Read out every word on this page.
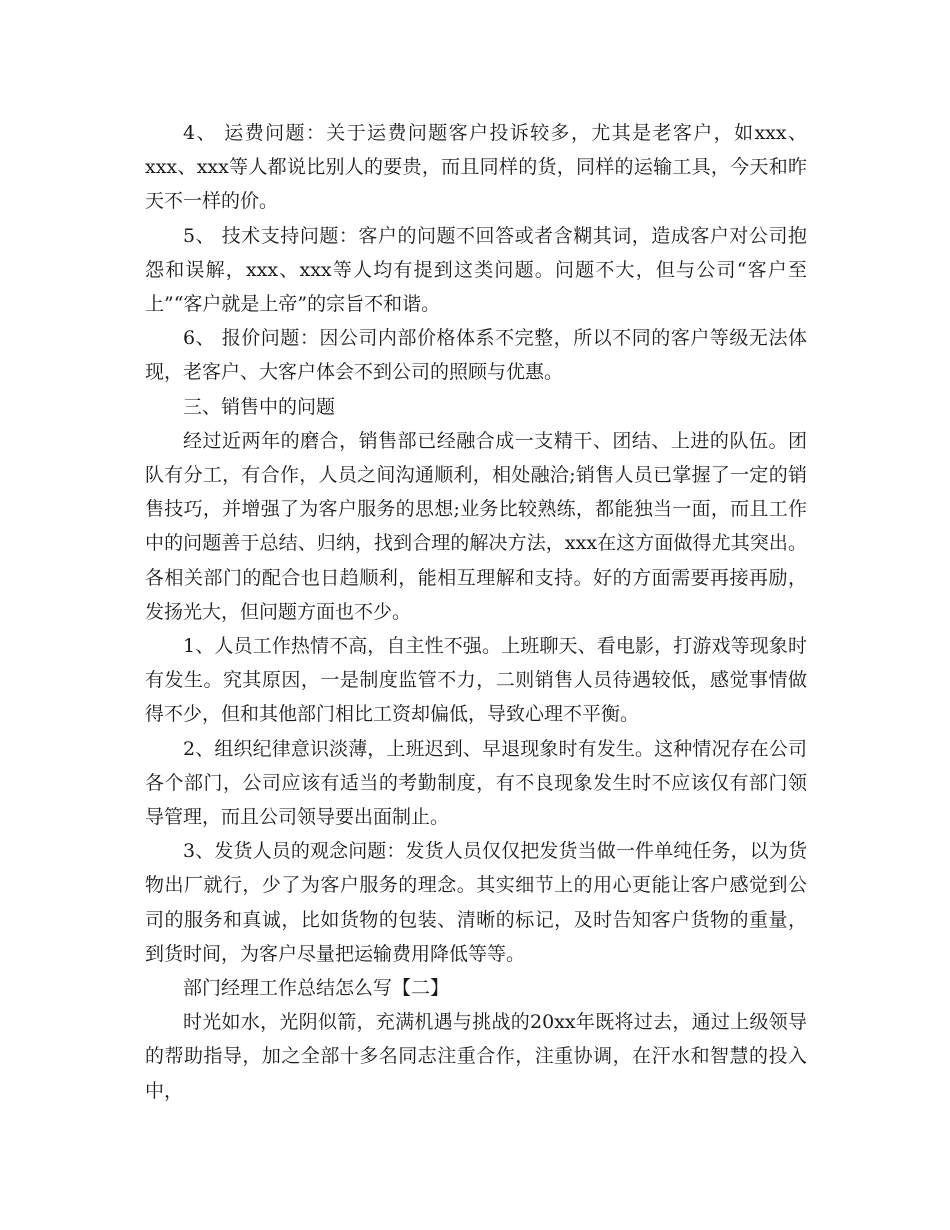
4、 运费问题：关于运费问题客户投诉较多，尤其是老客户，如xxx、xxx、xxx等人都说比别人的要贵，而且同样的货，同样的运输工具，今天和昨天不一样的价。

5、 技术支持问题：客户的问题不回答或者含糊其词，造成客户对公司抱怨和误解，xxx、xxx等人均有提到这类问题。问题不大，但与公司“客户至上”“客户就是上帝”的宗旨不和谐。

6、 报价问题：因公司内部价格体系不完整，所以不同的客户等级无法体现，老客户、大客户体会不到公司的照顾与优惠。

三、销售中的问题

经过近两年的磨合，销售部已经融合成一支精干、团结、上进的队伍。团队有分工，有合作，人员之间沟通顺利，相处融洽;销售人员已掌握了一定的销售技巧，并增强了为客户服务的思想;业务比较熟练，都能独当一面，而且工作中的问题善于总结、归纳，找到合理的解决方法，xxx在这方面做得尤其突出。各相关部门的配合也日趋顺利，能相互理解和支持。好的方面需要再接再励，发扬光大，但问题方面也不少。

1、人员工作热情不高，自主性不强。上班聊天、看电影，打游戏等现象时有发生。究其原因，一是制度监管不力，二则销售人员待遇较低，感觉事情做得不少，但和其他部门相比工资却偏低，导致心理不平衡。

2、组织纪律意识淡薄，上班迟到、早退现象时有发生。这种情况存在公司各个部门，公司应该有适当的考勤制度，有不良现象发生时不应该仅有部门领导管理，而且公司领导要出面制止。

3、发货人员的观念问题：发货人员仅仅把发货当做一件单纯任务，以为货物出厂就行，少了为客户服务的理念。其实细节上的用心更能让客户感觉到公司的服务和真诚，比如货物的包装、清晰的标记，及时告知客户货物的重量，到货时间，为客户尽量把运输费用降低等等。

部门经理工作总结怎么写【二】

时光如水，光阴似箭，充满机遇与挑战的20xx年既将过去，通过上级领导的帮助指导，加之全部十多名同志注重合作，注重协调，在汗水和智慧的投入中，
